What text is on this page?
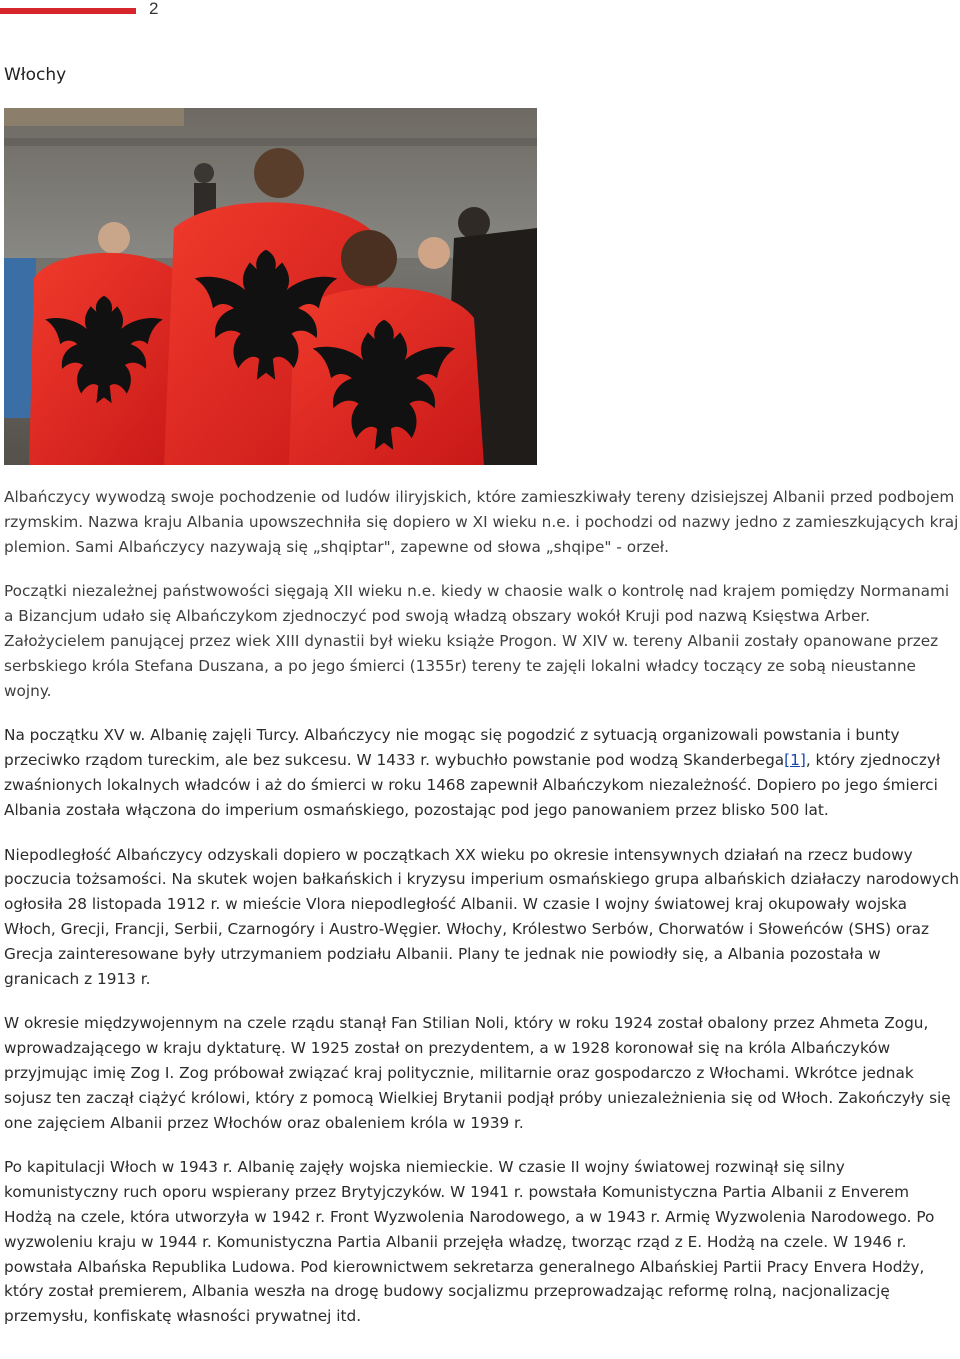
2
Włochy

Albańczycy wywodzą swoje pochodzenie od ludów iliryjskich, które zamieszkiwały tereny dzisiejszej Albanii przed podbojem rzymskim. Nazwa kraju Albania upowszechniła się dopiero w XI wieku n.e. i pochodzi od nazwy jedno z zamieszkujących kraj plemion. Sami Albańczycy nazywają się „shqiptar", zapewne od słowa „shqipe" - orzeł.

Początki niezależnej państwowości sięgają XII wieku n.e. kiedy w chaosie walk o kontrolę nad krajem pomiędzy Normanami a Bizancjum udało się Albańczykom zjednoczyć pod swoją władzą obszary wokół Kruji pod nazwą Księstwa Arber. Założycielem panującej przez wiek XIII dynastii był wieku książe Progon. W XIV w. tereny Albanii zostały opanowane przez serbskiego króla Stefana Duszana, a po jego śmierci (1355r) tereny te zajęli lokalni władcy toczący ze sobą nieustanne wojny.

Na początku XV w. Albanię zajęli Turcy. Albańczycy nie mogąc się pogodzić z sytuacją organizowali powstania i bunty przeciwko rządom tureckim, ale bez sukcesu. W 1433 r. wybuchło powstanie pod wodzą Skanderbega[1], który zjednoczył zwaśnionych lokalnych władców i aż do śmierci w roku 1468 zapewnił Albańczykom niezależność. Dopiero po jego śmierci Albania została włączona do imperium osmańskiego, pozostając pod jego panowaniem przez blisko 500 lat.

Niepodległość Albańczycy odzyskali dopiero w początkach XX wieku po okresie intensywnych działań na rzecz budowy poczucia tożsamości. Na skutek wojen bałkańskich i kryzysu imperium osmańskiego grupa albańskich działaczy narodowych ogłosiła 28 listopada 1912 r. w mieście Vlora niepodległość Albanii. W czasie I wojny światowej kraj okupowały wojska Włoch, Grecji, Francji, Serbii, Czarnogóry i Austro-Węgier. Włochy, Królestwo Serbów, Chorwatów i Słoweńców (SHS) oraz Grecja zainteresowane były utrzymaniem podziału Albanii. Plany te jednak nie powiodły się, a Albania pozostała w granicach z 1913 r.

W okresie międzywojennym na czele rządu stanął Fan Stilian Noli, który w roku 1924 został obalony przez Ahmeta Zogu, wprowadzającego w kraju dyktaturę. W 1925 został on prezydentem, a w 1928 koronował się na króla Albańczyków przyjmując imię Zog I. Zog próbował związać kraj politycznie, militarnie oraz gospodarczo z Włochami. Wkrótce jednak sojusz ten zaczął ciążyć królowi, który z pomocą Wielkiej Brytanii podjął próby uniezależnienia się od Włoch. Zakończyły się one zajęciem Albanii przez Włochów oraz obaleniem króla w 1939 r.

Po kapitulacji Włoch w 1943 r. Albanię zajęły wojska niemieckie. W czasie II wojny światowej rozwinął się silny komunistyczny ruch oporu wspierany przez Brytyjczyków. W 1941 r. powstała Komunistyczna Partia Albanii z Enverem Hodżą na czele, która utworzyła w 1942 r. Front Wyzwolenia Narodowego, a w 1943 r. Armię Wyzwolenia Narodowego. Po wyzwoleniu kraju w 1944 r. Komunistyczna Partia Albanii przejęła władzę, tworząc rząd z E. Hodżą na czele. W 1946 r. powstała Albańska Republika Ludowa. Pod kierownictwem sekretarza generalnego Albańskiej Partii Pracy Envera Hodży, który został premierem, Albania weszła na drogę budowy socjalizmu przeprowadzając reformę rolną, nacjonalizację przemysłu, konfiskatę własności prywatnej itd.
